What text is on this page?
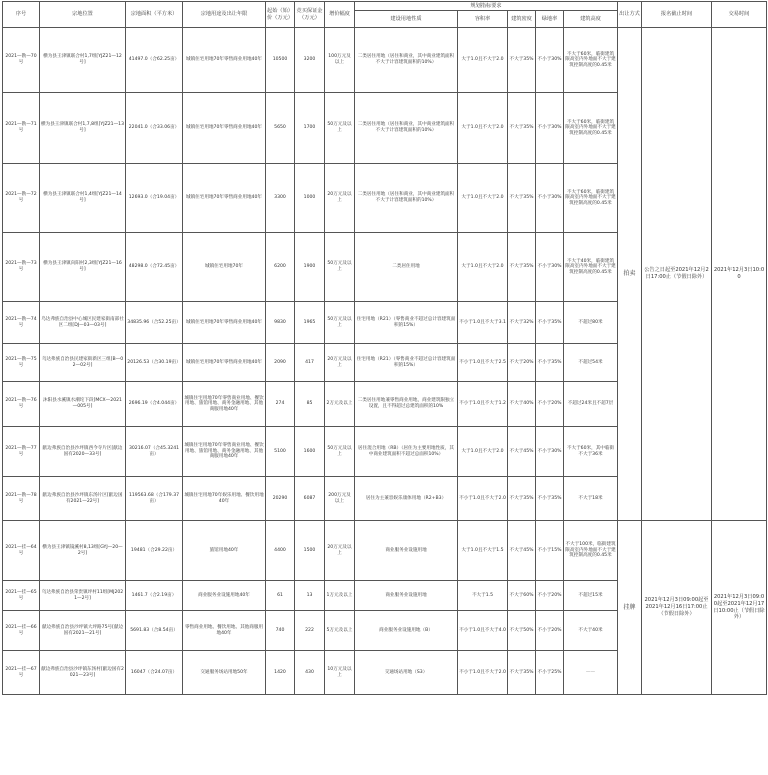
序号	宗地位置	宗地面积（平方米）	宗地用途及出让年限	起始（始）价（万元）	竞买保证金（万元）	增价幅度	规划指标要求					出让方式	报名截止时间	交易时间
							建设用地性质	容积率	建筑密度	绿地率	建筑高度			
2021—勘—70号	横为县王津镇联合村1,7组[YJZ21—12号]	41497.0（合62.25亩）	城镇住宅用地70年零售商业用地40年	10500	3200	100万元及以上	二类居住用地（居住和商业，其中商业建筑面积不大于计容建筑面积的10%）	大于1.0且不大于2.0	不大于35%	不小于30%	不大于60米，临街建筑限高室内外地面不大于建筑控制高度的0.45米	拍卖	公告之日起至2021年12月2日17:00止（节假日除外）	2021年12月3日10:00
2021—勘—71号	横为县王津镇联合村1,7,8组[YJZ21—13号]	22041.0（合33.06亩）	城镇住宅用地70年零售商业用地40年	5650	1700	50万元及以上	二类居住用地（居住和商业，其中商业建筑面积不大于计容建筑面积的10%）	大于1.0且不大于2.0	不大于35%	不小于30%	不大于60米，临街建筑限高室内外地面不大于建筑控制高度的0.45米			
2021—勘—72号	横为县王津镇联合村1,4组[YJZ21—14号]	12693.0（合19.04亩）	城镇住宅用地70年零售商业用地40年	3300	1000	20万元及以上	二类居住用地（居住和商业，其中商业建筑面积不大于计容建筑面积的10%）	大于1.0且不大于2.0	不大于35%	不小于30%	不大于60米，临街建筑限高室内外地面不大于建筑控制高度的0.45米			
2021—勘—73号	横为县王津镇向阳村2,3组[YJZ21—16号]	48298.0（合72.45亩）	城镇住宅用地70年	6200	1900	50万元及以上	二类居住用地	大于1.0且不大于2.0	不大于35%	不小于30%	不大于40米，临街建筑限高室内外地面不大于建筑控制高度的0.45米			
2021—勘—74号	乌达弗族自治县中心城区民建家街南部社区二组[DJ—03—03号]	34835.96（合52.25亩）	城镇住宅用地70年零售商业用地40年	9830	1965	50万元及以上	住宅用地（R21）（零售商业不超过总计容建筑面积的15%）	不小于1.0且不大于3.1	不大于32%	不小于35%	不超过80米			
2021—勘—75号	乌达弗族自治县民建家街新区三组[B—02—02号]	20126.53（合30.19亩）	城镇住宅用地70年零售商业用地40年	2090	417	20万元及以上	住宅用地（R21）（零售商业不超过总计容建筑面积的15%）	不小于1.0且不大于2.5	不大于20%	不小于35%	不超过54米			
2021—勘—76号	沐阳县水溪镇水潮坨下段[MCX—2021—005号]	2696.19（合4.044亩）	城镇住宅用地70年零售商业用地、餐饮用地、旅馆用地、商务金融用地、其他商服用地40年	274	85	2万元及以上	二类居住用地兼零售商业用地，商业建筑限独立设置，且不得超过总建筑面积的10%	不小于1.0且不大于1.2	不大于40%	不小于20%	不超过24米且不超7层			
2021—勘—77号	献边弗族自治县沙坪镇西今寺片区[献边国有2020—33号]	30216.07（合45.3241亩）	城镇住宅用地70年零售商业用地、餐饮用地、旅馆用地、商务金融用地、其他商服用地40年	5100	1600	50万元及以上	居住混合用地（RB）（居住为主要用地性质，其中商业建筑面积不超过总面积10%）	大于1.0且不大于2.0	不大于45%	不小于30%	不大于60米，其中临街不大于36米			
2021—勘—78号	献边弗族自治县沙坪镇东汤片区[献边国有2021—22号]	119563.68（合179.37亩）	城镇住宅用地70年娱乐用地、餐饮用地40年	20290	6087	200万元及以上	居住为主兼容娱乐康体用地（R2+B3）	不小于1.0且不大于2.0	不大于35%	不小于35%	不大于18米			
2021—挂—64号	横为县王津镇镜溪村8,13组[GYJ—20—2号]	19481（合29.22亩）	旅馆用地40年	4400	1500	20万元及以上	商业服务业设施用地	大于1.0且不大于1.5	不大于45%	不小于15%	不大于100米，临街建筑限高室内外地面不大于建筑控制高度的0.45米	挂牌	2021年12月3日09:00起至2021年12月16日17:00止（节假日除外）	2021年12月3日09:00起至2021年12月17日10:00止（节假日除外）
2021—挂—65号	乌达弗族自治县荣贵镇坪村11组[MJ2021—2号]	1461.7（合2.19亩）	商业服务业设施用地40年	61	13	1万元及以上	商业服务业设施用地	不大于1.5	不大于60%	不小于20%	不超过15米			
2021—挂—66号	献边弗族自治县沙坪镇大坪路75号[献边国有2021—21号]	5691.83（合8.54亩）	零售商业用地、餐饮用地、其他商服用地40年	740	222	5万元及以上	商业服务业设施用地（B）	不小于1.0且不大于4.0	不大于50%	不小于20%	不大于40米			
2021—挂—67号	献边弗族自治县沙坪镇东汤村[献边国有2021—23号]	16047（合24.07亩）	交通服务场站用地50年	1420	430	10万元及以上	交通场站用地（S3）	不小于1.0且不大于2.0	不大于35%	不小于25%	——			
